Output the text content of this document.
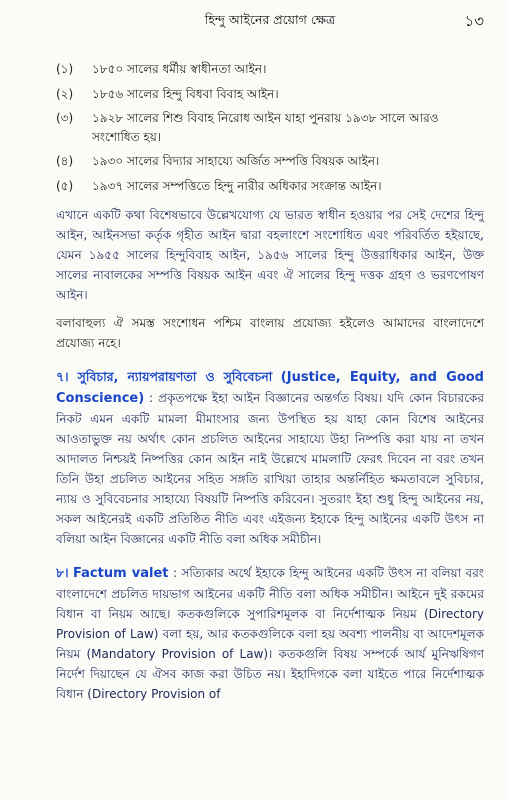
হিন্দু আইনের প্রয়োগ ক্ষেত্র	১৩
(১)	১৮৫০ সালের ধর্মীয় স্বাধীনতা আইন।
(২)	১৮৫৬ সালের হিন্দু বিধবা বিবাহ আইন।
(৩)	১৯২৮ সালের শিশু বিবাহ নিরোধ আইন যাহা পুনরায় ১৯৩৮ সালে আরও সংশোধিত হয়।
(৪)	১৯৩০ সালের বিদ্যার সাহায্যে অর্জিত সম্পত্তি বিষয়ক আইন।
(৫)	১৯৩৭ সালের সম্পত্তিতে হিন্দু নারীর অধিকার সংক্রান্ত আইন।

এখানে একটি কথা বিশেষভাবে উল্লেখযোগ্য যে ভারত স্বাধীন হওয়ার পর সেই দেশের হিন্দু আইন, আইনসভা কর্তৃক গৃহীত আইন দ্বারা বহলাংশে সংশোধিত এবং পরিবর্তিত হইয়াছে, যেমন ১৯৫৫ সালের হিন্দুবিবাহ আইন, ১৯৫৬ সালের হিন্দু উত্তরাধিকার আইন, উক্ত সালের নাবালকের সম্পত্তি বিষয়ক আইন এবং ঐ সালের হিন্দু দত্তক গ্রহণ ও ভরণপোষণ আইন।

বলাবাহুল্য ঐ সমস্ত সংশোধন পশ্চিম বাংলায় প্রযোজ্য হইলেও আমাদের বাংলাদেশে প্রযোজ্য নহে।

৭। সুবিচার, ন্যায়পরায়ণতা ও সুবিবেচনা (Justice, Equity, and Good Conscience) : প্রকৃতপক্ষে ইহা আইন বিজ্ঞানের অন্তর্গত বিষয়। যদি কোন বিচারকের নিকট এমন একটি মামলা মীমাংসার জন্য উপস্থিত হয় যাহা কোন বিশেষ আইনের আওতাভুক্ত নয় অর্থাৎ কোন প্রচলিত আইনের সাহায্যে উহা নিষ্পত্তি করা যায় না তখন আদালত নিশ্চয়ই নিষ্পত্তির কোন আইন নাই উল্লেখে মামলাটি ফেরৎ দিবেন না বরং তখন তিনি উহা প্রচলিত আইনের সহিত সঙ্গতি রাখিয়া তাহার অন্তর্নিহিত ক্ষমতাবলে সুবিচার, ন্যায় ও সুবিবেচনার সাহায্যে বিষয়টি নিষ্পত্তি করিবেন। সুতরাং ইহা শুধু হিন্দু আইনের নয়, সকল আইনেরই একটি প্রতিষ্ঠিত নীতি এবং এইজন্য ইহাকে হিন্দু আইনের একটি উৎস না বলিয়া আইন বিজ্ঞানের একটি নীতি বলা অধিক সমীচীন।

৮। Factum valet : সত্যিকার অর্থে ইহাকে হিন্দু আইনের একটি উৎস না বলিয়া বরং বাংলাদেশে প্রচলিত দায়ভাগ আইনের একটি নীতি বলা অধিক সমীচীন। আইনে দুই রকমের বিধান বা নিয়ম আছে। কতকগুলিকে সুপারিশমূলক বা নির্দেশাত্মক নিয়ম (Directory Provision of Law) বলা হয়, আর কতকগুলিকে বলা হয় অবশ্য পালনীয় বা আদেশমূলক নিয়ম (Mandatory Provision of Law)। কতকগুলি বিষয় সম্পর্কে আর্য মুনিঋষিগণ নির্দেশ দিয়াছেন যে ঐসব কাজ করা উচিত নয়। ইহাদিগকে বলা যাইতে পারে নির্দেশাত্মক বিধান (Directory Provision of
